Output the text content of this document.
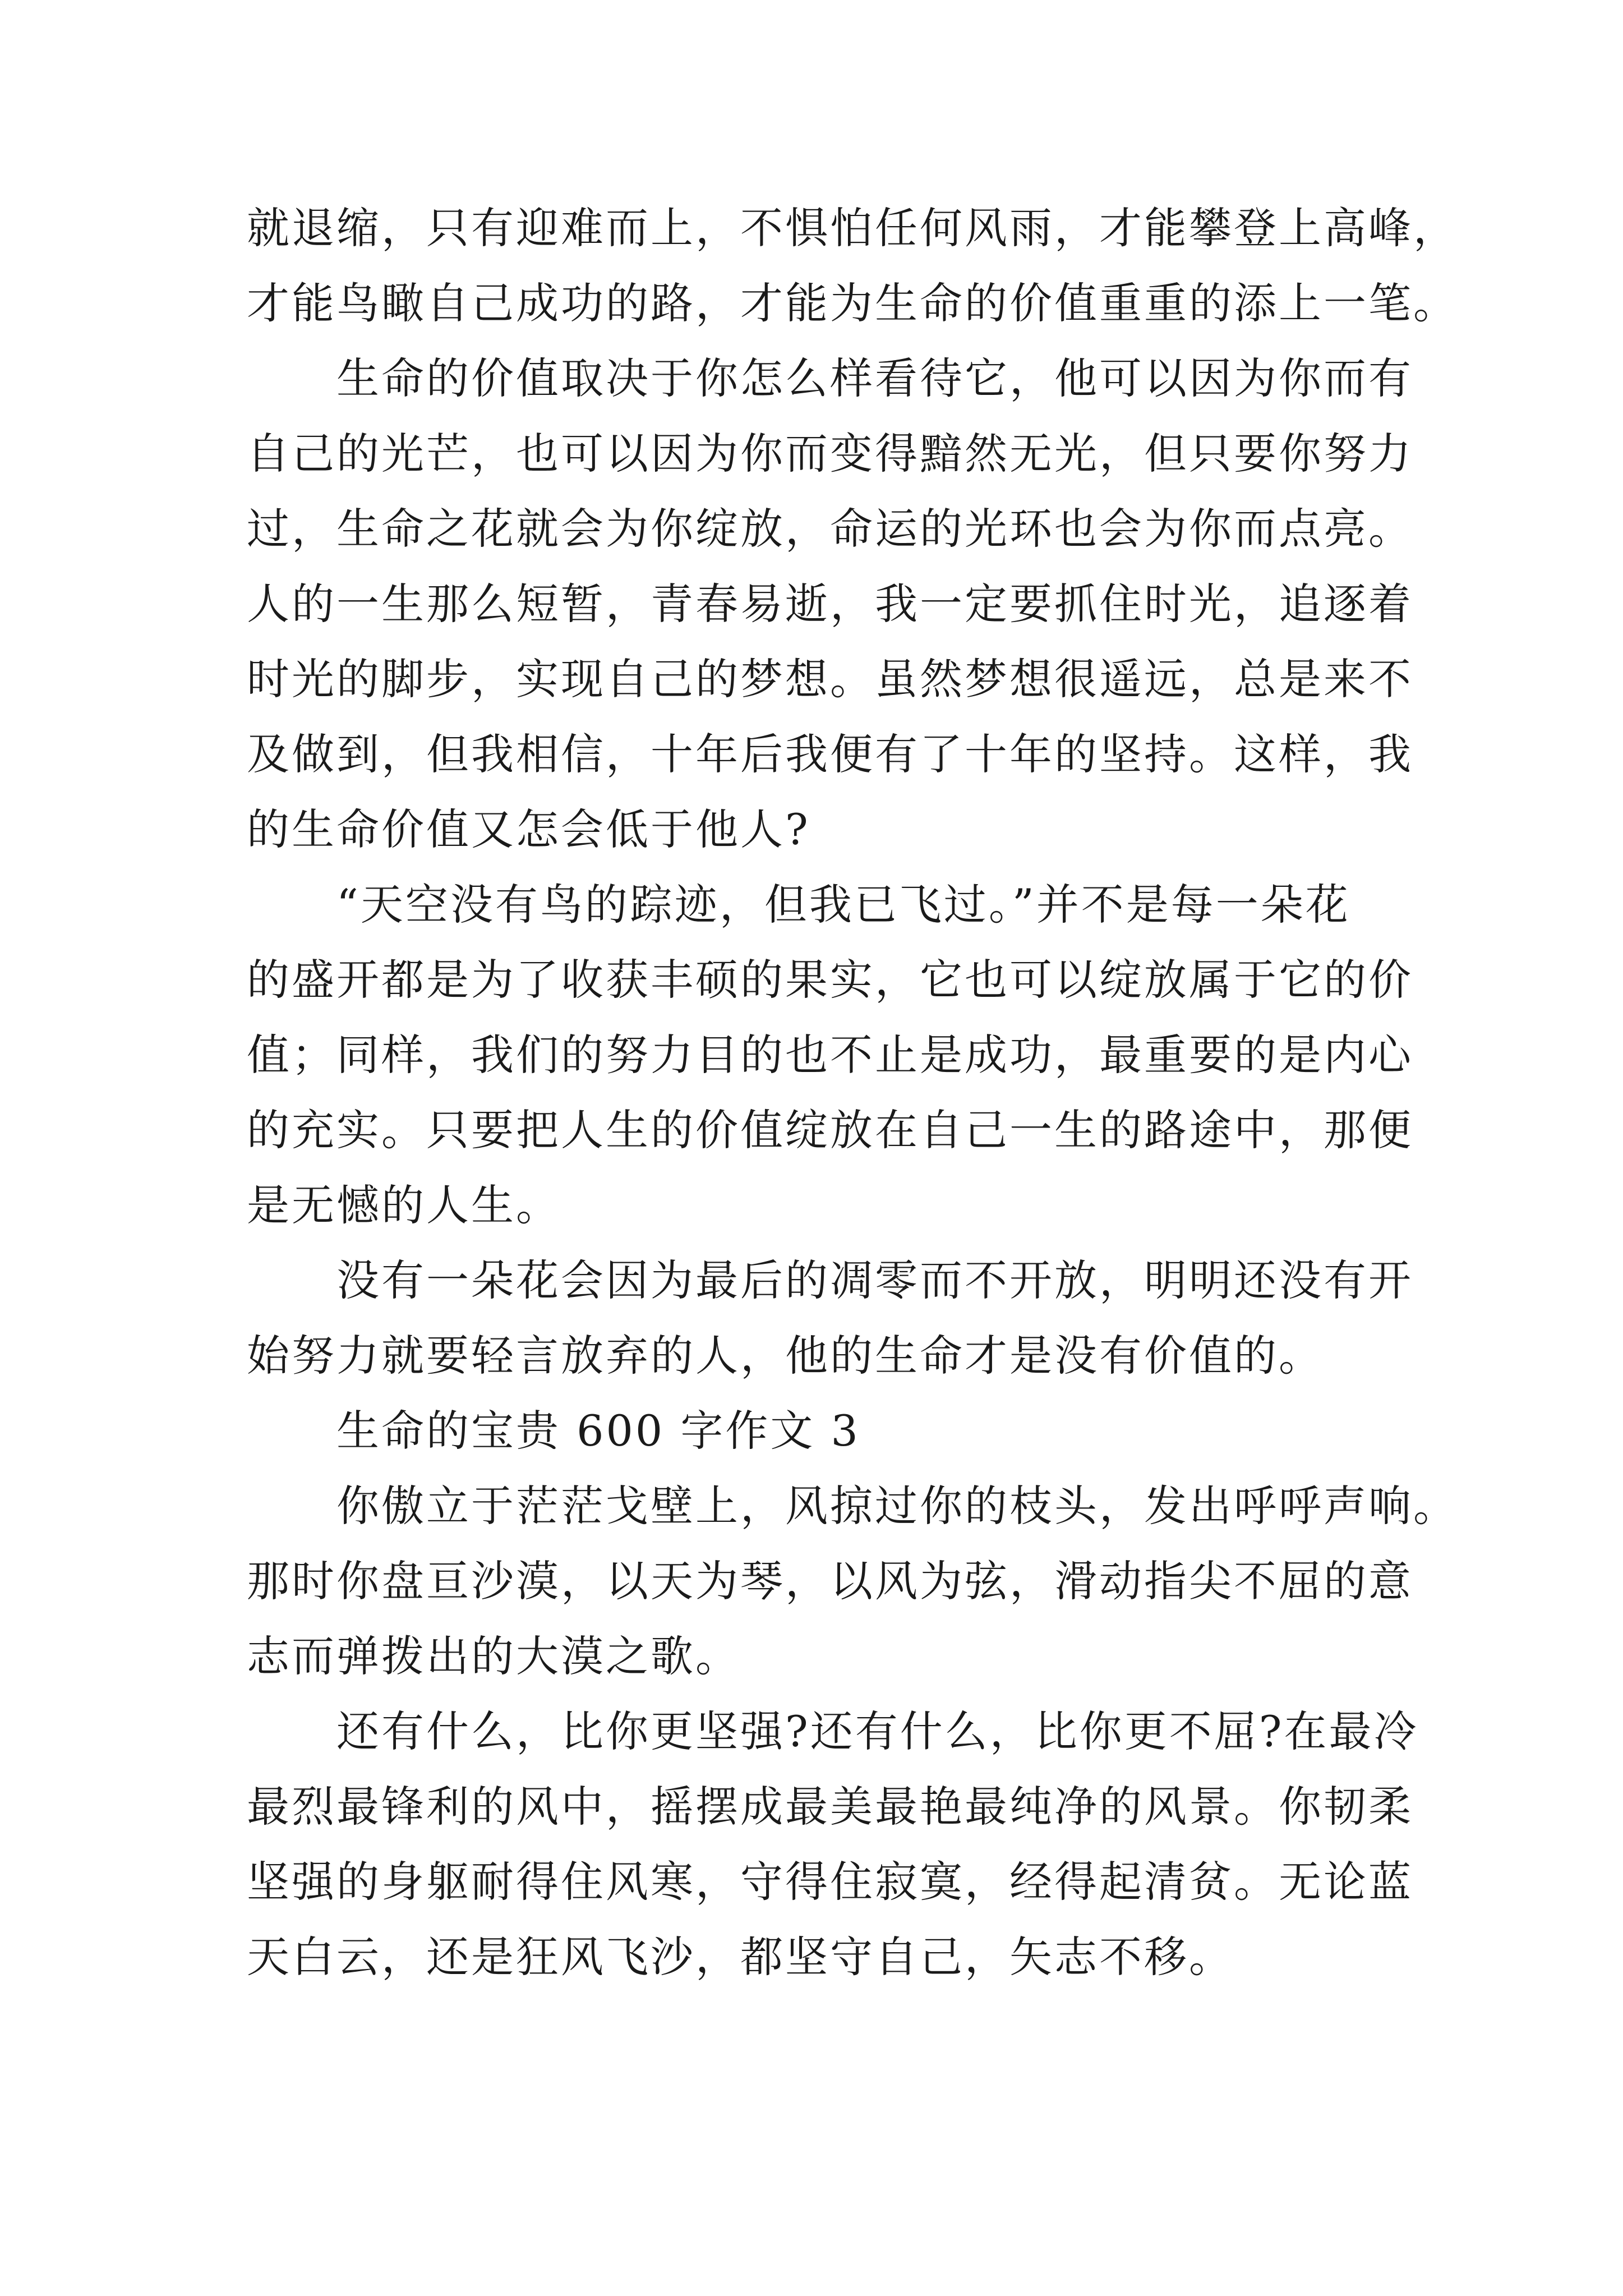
就退缩，只有迎难而上，不惧怕任何风雨，才能攀登上高峰，
才能鸟瞰自己成功的路，才能为生命的价值重重的添上一笔。
生命的价值取决于你怎么样看待它，他可以因为你而有
自己的光芒，也可以因为你而变得黯然无光，但只要你努力
过，生命之花就会为你绽放，命运的光环也会为你而点亮。
人的一生那么短暂，青春易逝，我一定要抓住时光，追逐着
时光的脚步，实现自己的梦想。虽然梦想很遥远，总是来不
及做到，但我相信，十年后我便有了十年的坚持。这样，我
的生命价值又怎会低于他人?
“天空没有鸟的踪迹，但我已飞过。”并不是每一朵花
的盛开都是为了收获丰硕的果实，它也可以绽放属于它的价
值；同样，我们的努力目的也不止是成功，最重要的是内心
的充实。只要把人生的价值绽放在自己一生的路途中，那便
是无憾的人生。
没有一朵花会因为最后的凋零而不开放，明明还没有开
始努力就要轻言放弃的人，他的生命才是没有价值的。
生命的宝贵 600 字作文 3
你傲立于茫茫戈壁上，风掠过你的枝头，发出呼呼声响。
那时你盘亘沙漠，以天为琴，以风为弦，滑动指尖不屈的意
志而弹拨出的大漠之歌。
还有什么，比你更坚强?还有什么，比你更不屈?在最冷
最烈最锋利的风中，摇摆成最美最艳最纯净的风景。你韧柔
坚强的身躯耐得住风寒，守得住寂寞，经得起清贫。无论蓝
天白云，还是狂风飞沙，都坚守自己，矢志不移。
